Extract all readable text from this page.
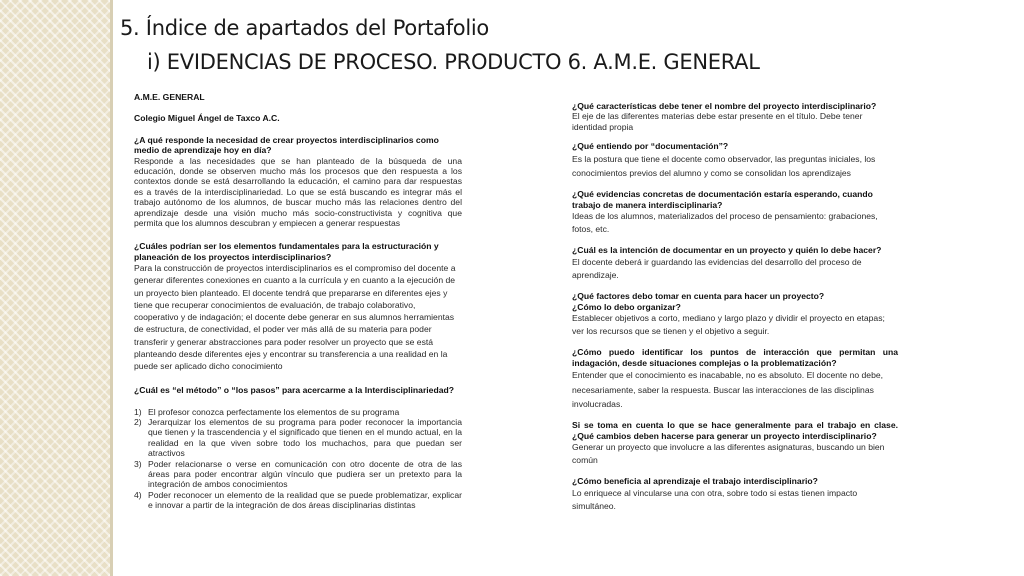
5. Índice de apartados del Portafolio
i) EVIDENCIAS DE PROCESO. PRODUCTO 6. A.M.E. GENERAL
A.M.E. GENERAL
Colegio Miguel Ángel de Taxco A.C.
¿A qué responde la necesidad de crear proyectos interdisciplinarios como medio de aprendizaje hoy en día?
Responde a las necesidades que se han planteado de la búsqueda de una educación, donde se observen mucho más los procesos que den respuesta a los contextos donde se está desarrollando la educación, el camino para dar respuestas es a través de la interdisciplinariedad. Lo que se está buscando es integrar más el trabajo autónomo de los alumnos, de buscar mucho más las relaciones dentro del aprendizaje desde una visión mucho más socio-constructivista y cognitiva que permita que los alumnos descubran y empiecen a generar respuestas
¿Cuáles podrían ser los elementos fundamentales para la estructuración y planeación de los proyectos interdisciplinarios?
Para la construcción de proyectos interdisciplinarios es el compromiso del docente a generar diferentes conexiones en cuanto a la currícula y en cuanto a la ejecución de un proyecto bien planteado. El docente tendrá que prepararse en diferentes ejes y tiene que recuperar conocimientos de evaluación, de trabajo colaborativo, cooperativo y de indagación; el docente debe generar en sus alumnos herramientas de estructura, de conectividad, el poder ver más allá de su materia para poder transferir y generar abstracciones para poder resolver un proyecto que se está planteando desde diferentes ejes y encontrar su transferencia a una realidad en la puede ser aplicado dicho conocimiento
¿Cuál es “el método” o “los pasos” para acercarme a la Interdisciplinariedad?
1) El profesor conozca perfectamente los elementos de su programa
2) Jerarquizar los elementos de su programa para poder reconocer la importancia que tienen y la trascendencia y el significado que tienen en el mundo actual, en la realidad en la que viven sobre todo los muchachos, para que puedan ser atractivos
3) Poder relacionarse o verse en comunicación con otro docente de otra de las áreas para poder encontrar algún vínculo que pudiera ser un pretexto para la integración de ambos conocimientos
4) Poder reconocer un elemento de la realidad que se puede problematizar, explicar e innovar a partir de la integración de dos áreas disciplinarias distintas
¿Qué características debe tener el nombre del proyecto interdisciplinario?
El eje de las diferentes materias debe estar presente en el título. Debe tener identidad propia
¿Qué entiendo por “documentación”?
Es la postura que tiene el docente como observador, las preguntas iniciales, los conocimientos previos del alumno y como se consolidan los aprendizajes
¿Qué evidencias concretas de documentación estaría esperando, cuando trabajo de manera interdisciplinaria?
Ideas de los alumnos, materializados del proceso de pensamiento: grabaciones, fotos, etc.
¿Cuál es la intención de documentar en un proyecto y quién lo debe hacer?
El docente deberá ir guardando las evidencias del desarrollo del proceso de aprendizaje.
¿Qué factores debo tomar en cuenta para hacer un proyecto?
¿Cómo lo debo organizar?
Establecer objetivos a corto, mediano y largo plazo y dividir el proyecto en etapas; ver los recursos que se tienen y el objetivo a seguir.
¿Cómo puedo identificar los puntos de interacción que permitan una indagación, desde situaciones complejas o la problematización?
Entender que el conocimiento es inacabable, no es absoluto. El docente no debe, necesariamente, saber la respuesta. Buscar las interacciones de las disciplinas involucradas.
Si se toma en cuenta lo que se hace generalmente para el trabajo en clase. ¿Qué cambios deben hacerse para generar un proyecto interdisciplinario?
Generar un proyecto que involucre a las diferentes asignaturas, buscando un bien común
¿Cómo beneficia al aprendizaje el trabajo interdisciplinario?
Lo enriquece al vincularse una con otra, sobre todo si estas tienen impacto simultáneo.
